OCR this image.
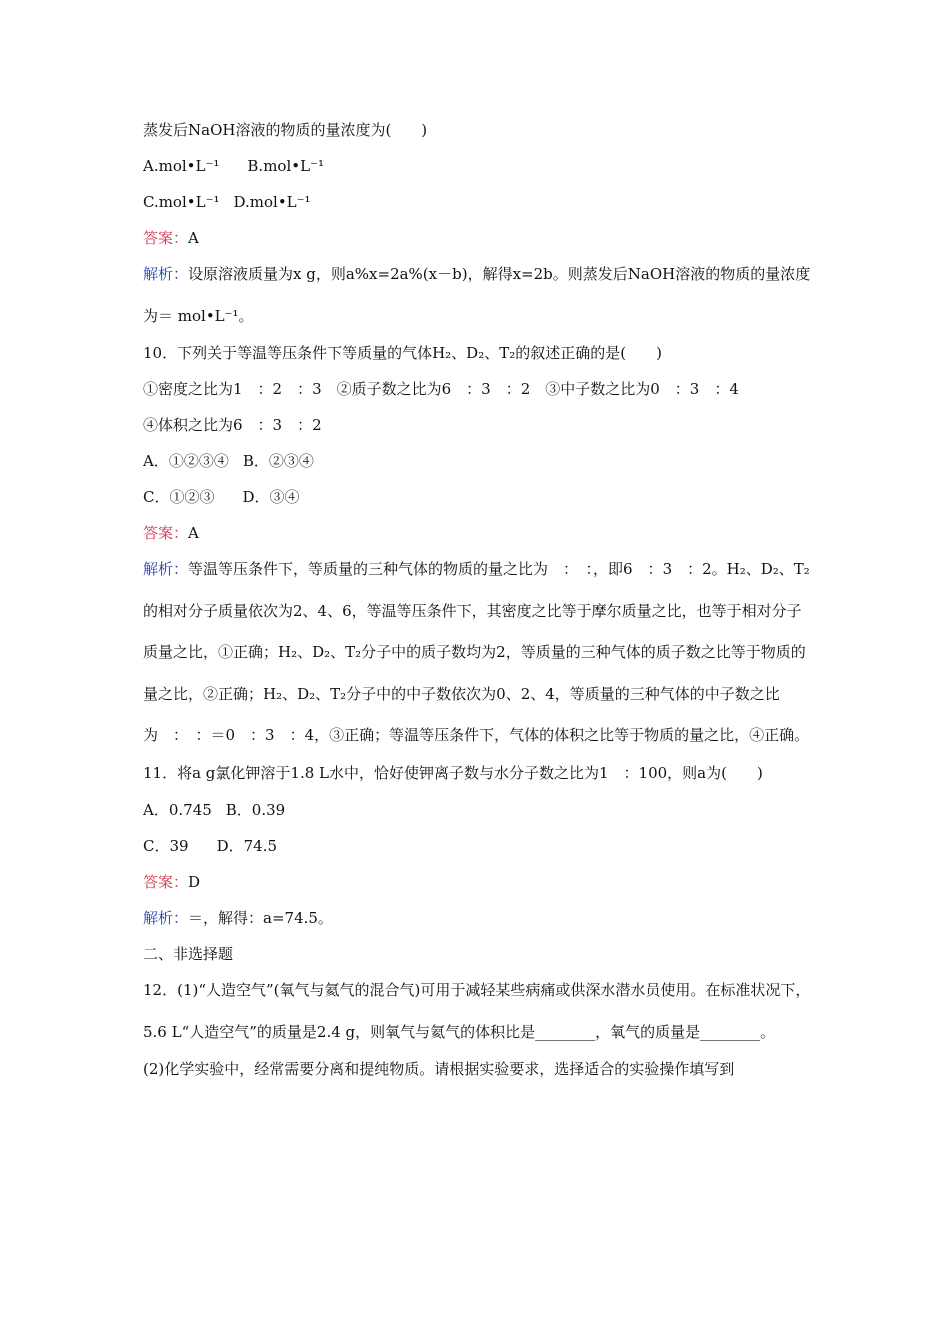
蒸发后NaOH溶液的物质的量浓度为(　　)
A.mol•L⁻¹ B.mol•L⁻¹
C.mol•L⁻¹ D.mol•L⁻¹
答案：A
解析：设原溶液质量为x g，则a%x=2a%(x－b)，解得x=2b。则蒸发后NaOH溶液的物质的量浓度为＝ mol•L⁻¹。
10．下列关于等温等压条件下等质量的气体H₂、D₂、T₂的叙述正确的是(　　)
①密度之比为1　：2　：3　②质子数之比为6　：3　：2　③中子数之比为0　：3　：4
④体积之比为6　：3　：2
A．①②③④ B．②③④
C．①②③ D．③④
答案：A
解析：等温等压条件下，等质量的三种气体的物质的量之比为　：　：，即6　：3　：2。H₂、D₂、T₂的相对分子质量依次为2、4、6，等温等压条件下，其密度之比等于摩尔质量之比，也等于相对分子质量之比，①正确；H₂、D₂、T₂分子中的质子数均为2，等质量的三种气体的质子数之比等于物质的量之比，②正确；H₂、D₂、T₂分子中的中子数依次为0、2、4，等质量的三种气体的中子数之比为　：　：＝0　：3　：4，③正确；等温等压条件下，气体的体积之比等于物质的量之比，④正确。
11．将a g氯化钾溶于1.8 L水中，恰好使钾离子数与水分子数之比为1　：100，则a为(　　)
A．0.745 B．0.39
C．39 D．74.5
答案：D
解析：＝，解得：a=74.5。
二、非选择题
12．(1)“人造空气”(氧气与氦气的混合气)可用于减轻某些病痛或供深水潜水员使用。在标准状况下，5.6 L“人造空气”的质量是2.4 g，则氧气与氦气的体积比是________，氧气的质量是________。
(2)化学实验中，经常需要分离和提纯物质。请根据实验要求，选择适合的实验操作填写到
